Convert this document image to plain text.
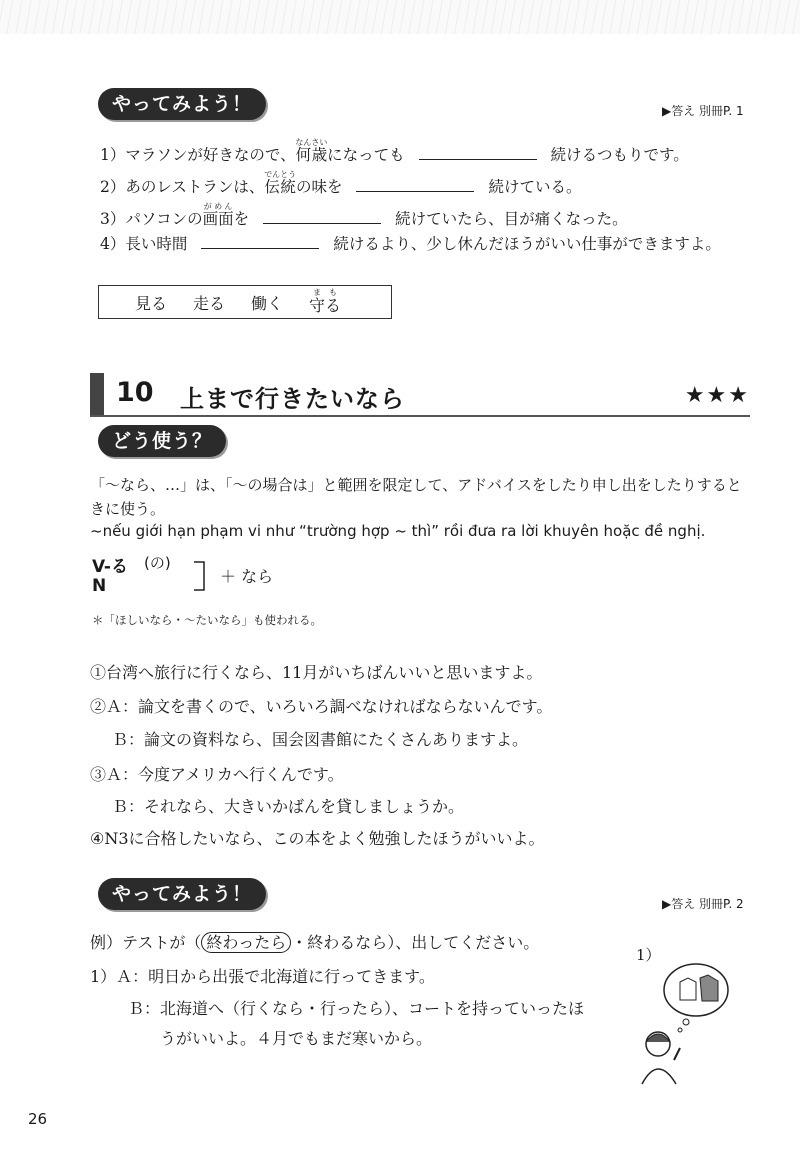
やってみよう！	▶答え 別冊P. 1
1）マラソンが好きなので、何歳なんさいになっても	続けるつもりです。
2）あのレストランは、伝統でんとうの味を	続けている。
3）パソコンの画面がめんを	続けていたら、目が痛くなった。
4）長い時間	続けるより、少し休んだほうがいい仕事ができますよ。
見る 走る 働く 守るまも
10 上まで行きたいなら	★★★
どう使う？
「〜なら、…」は、「〜の場合は」と範囲を限定して、アドバイスをしたり申し出をしたりすると
きに使う。
~nếu giới hạn phạm vi như “trường hợp ~ thì” rồi đưa ra lời khuyên hoặc đề nghị.
V-る (の)
N	＋ なら
＊「ほしいなら・〜たいなら」も使われる。
①台湾へ旅行に行くなら、11月がいちばんいいと思いますよ。
②Ａ：論文を書くので、いろいろ調べなければならないんです。
Ｂ：論文の資料なら、国会図書館にたくさんありますよ。
③Ａ：今度アメリカへ行くんです。
Ｂ：それなら、大きいかばんを貸しましょうか。
④N3に合格したいなら、この本をよく勉強したほうがいいよ。
やってみよう！	▶答え 別冊P. 2
例）テストが（ 終わったら ・終わるなら）、出してください。
1）Ａ：明日から出張で北海道に行ってきます。
Ｂ：北海道へ（行くなら・行ったら）、コートを持っていったほ
うがいいよ。４月でもまだ寒いから。
1）
26
